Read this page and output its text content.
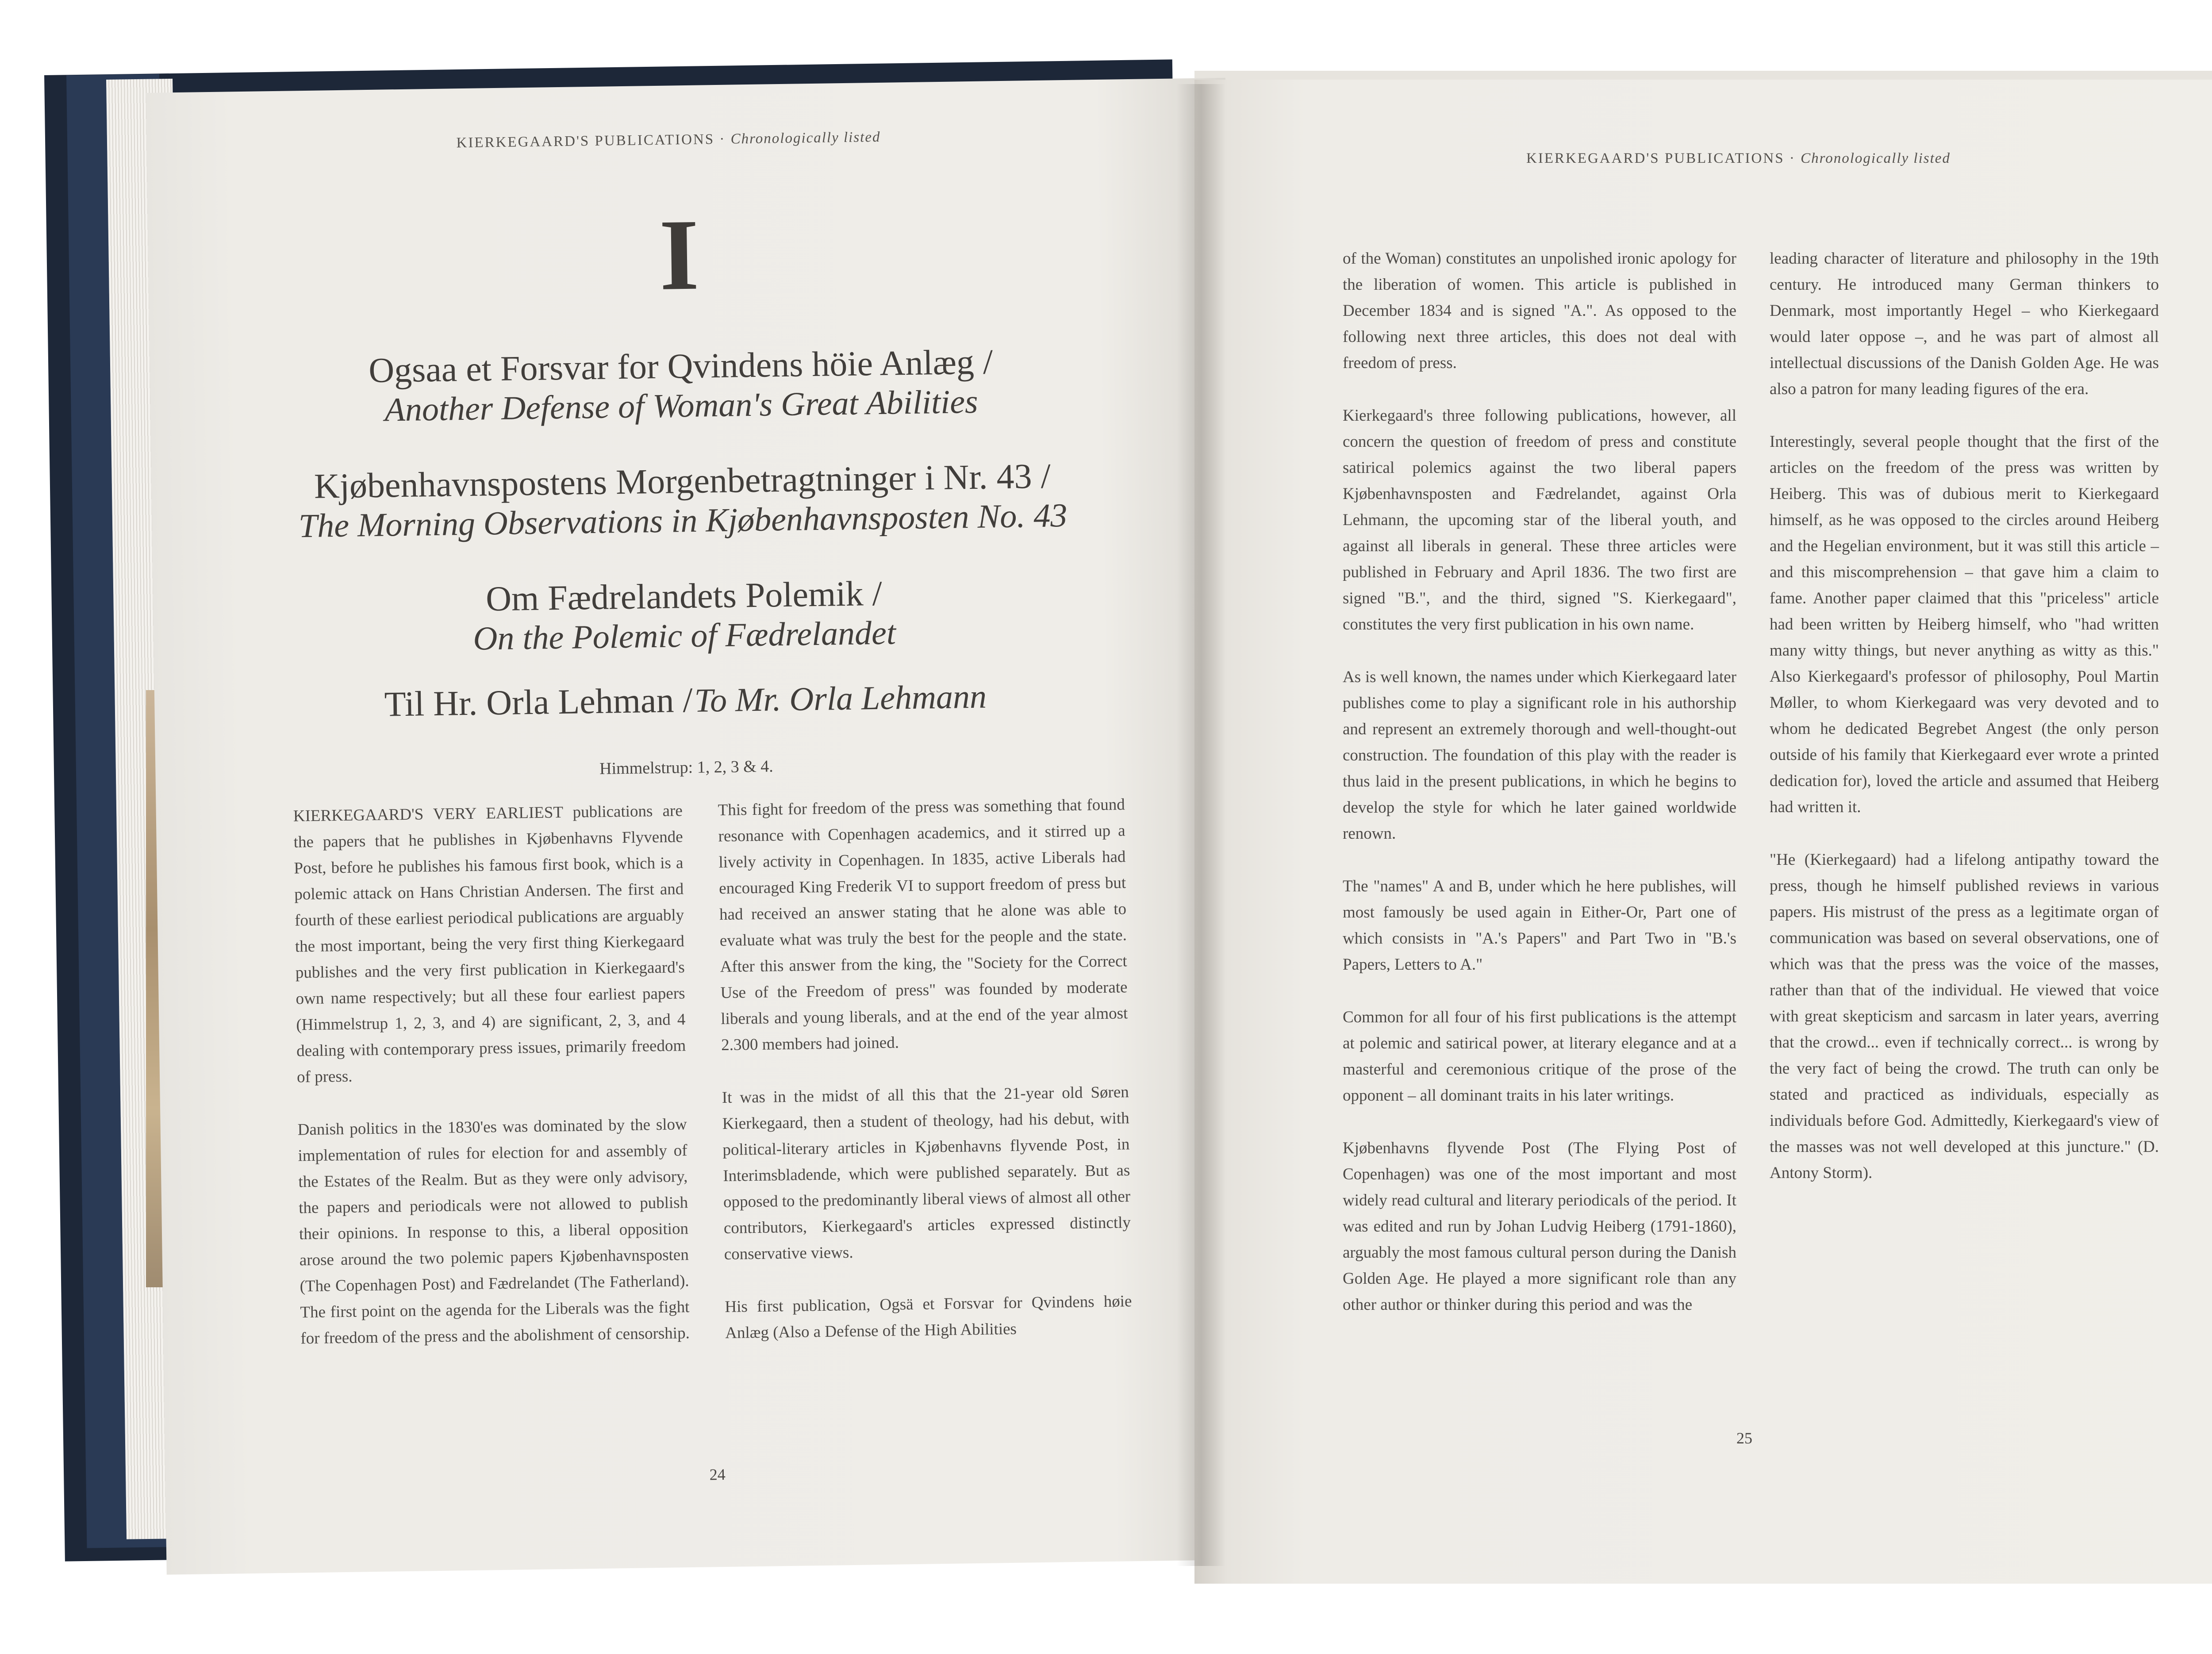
KIERKEGAARD'S PUBLICATIONS · Chronologically listed
I
Ogsaa et Forsvar for Qvindens höie Anlæg /
Another Defense of Woman's Great Abilities
Kjøbenhavnspostens Morgenbetragtninger i Nr. 43 /
The Morning Observations in Kjøbenhavnsposten No. 43
Om Fædrelandets Polemik /
On the Polemic of Fædrelandet
Til Hr. Orla Lehman / To Mr. Orla Lehmann
Himmelstrup: 1, 2, 3 & 4.

KIERKEGAARD'S VERY EARLIEST publications are the papers that he publishes in Kjøbenhavns Flyvende Post, before he publishes his famous first book, which is a polemic attack on Hans Christian Andersen. The first and fourth of these earliest periodical publications are arguably the most important, being the very first thing Kierkegaard publishes and the very first publication in Kierkegaard's own name respectively; but all these four earliest papers (Himmelstrup 1, 2, 3, and 4) are significant, 2, 3, and 4 dealing with contemporary press issues, primarily freedom of press.

Danish politics in the 1830'es was dominated by the slow implementation of rules for election for and assembly of the Estates of the Realm. But as they were only advisory, the papers and periodicals were not allowed to publish their opinions. In response to this, a liberal opposition arose around the two polemic papers Kjøbenhavnsposten (The Copenhagen Post) and Fædrelandet (The Fatherland). The first point on the agenda for the Liberals was the fight for freedom of the press and the abolishment of censorship.

This fight for freedom of the press was something that found resonance with Copenhagen academics, and it stirred up a lively activity in Copenhagen. In 1835, active Liberals had encouraged King Frederik VI to support freedom of press but had received an answer stating that he alone was able to evaluate what was truly the best for the people and the state. After this answer from the king, the "Society for the Correct Use of the Freedom of press" was founded by moderate liberals and young liberals, and at the end of the year almost 2.300 members had joined.

It was in the midst of all this that the 21-year old Søren Kierkegaard, then a student of theology, had his debut, with political-literary articles in Kjøbenhavns flyvende Post, in Interimsbladende, which were published separately. But as opposed to the predominantly liberal views of almost all other contributors, Kierkegaard's articles expressed distinctly conservative views.

His first publication, Ogsä et Forsvar for Qvindens høie Anlæg (Also a Defense of the High Abilities

24
KIERKEGAARD'S PUBLICATIONS · Chronologically listed

of the Woman) constitutes an unpolished ironic apology for the liberation of women. This article is published in December 1834 and is signed "A.". As opposed to the following next three articles, this does not deal with freedom of press.

Kierkegaard's three following publications, however, all concern the question of freedom of press and constitute satirical polemics against the two liberal papers Kjøbenhavnsposten and Fædrelandet, against Orla Lehmann, the upcoming star of the liberal youth, and against all liberals in general. These three articles were published in February and April 1836. The two first are signed "B.", and the third, signed "S. Kierkegaard", constitutes the very first publication in his own name.

As is well known, the names under which Kierkegaard later publishes come to play a significant role in his authorship and represent an extremely thorough and well-thought-out construction. The foundation of this play with the reader is thus laid in the present publications, in which he begins to develop the style for which he later gained worldwide renown.

The "names" A and B, under which he here publishes, will most famously be used again in Either-Or, Part one of which consists in "A.'s Papers" and Part Two in "B.'s Papers, Letters to A."

Common for all four of his first publications is the attempt at polemic and satirical power, at literary elegance and at a masterful and ceremonious critique of the prose of the opponent – all dominant traits in his later writings.

Kjøbenhavns flyvende Post (The Flying Post of Copenhagen) was one of the most important and most widely read cultural and literary periodicals of the period. It was edited and run by Johan Ludvig Heiberg (1791-1860), arguably the most famous cultural person during the Danish Golden Age. He played a more significant role than any other author or thinker during this period and was the

leading character of literature and philosophy in the 19th century. He introduced many German thinkers to Denmark, most importantly Hegel – who Kierkegaard would later oppose –, and he was part of almost all intellectual discussions of the Danish Golden Age. He was also a patron for many leading figures of the era.

Interestingly, several people thought that the first of the articles on the freedom of the press was written by Heiberg. This was of dubious merit to Kierkegaard himself, as he was opposed to the circles around Heiberg and the Hegelian environment, but it was still this article – and this miscomprehension – that gave him a claim to fame. Another paper claimed that this "priceless" article had been written by Heiberg himself, who "had written many witty things, but never anything as witty as this." Also Kierkegaard's professor of philosophy, Poul Martin Møller, to whom Kierkegaard was very devoted and to whom he dedicated Begrebet Angest (the only person outside of his family that Kierkegaard ever wrote a printed dedication for), loved the article and assumed that Heiberg had written it.

"He (Kierkegaard) had a lifelong antipathy toward the press, though he himself published reviews in various papers. His mistrust of the press as a legitimate organ of communication was based on several observations, one of which was that the press was the voice of the masses, rather than that of the individual. He viewed that voice with great skepticism and sarcasm in later years, averring that the crowd... even if technically correct... is wrong by the very fact of being the crowd. The truth can only be stated and practiced as individuals, especially as individuals before God. Admittedly, Kierkegaard's view of the masses was not well developed at this juncture." (D. Antony Storm).

25
